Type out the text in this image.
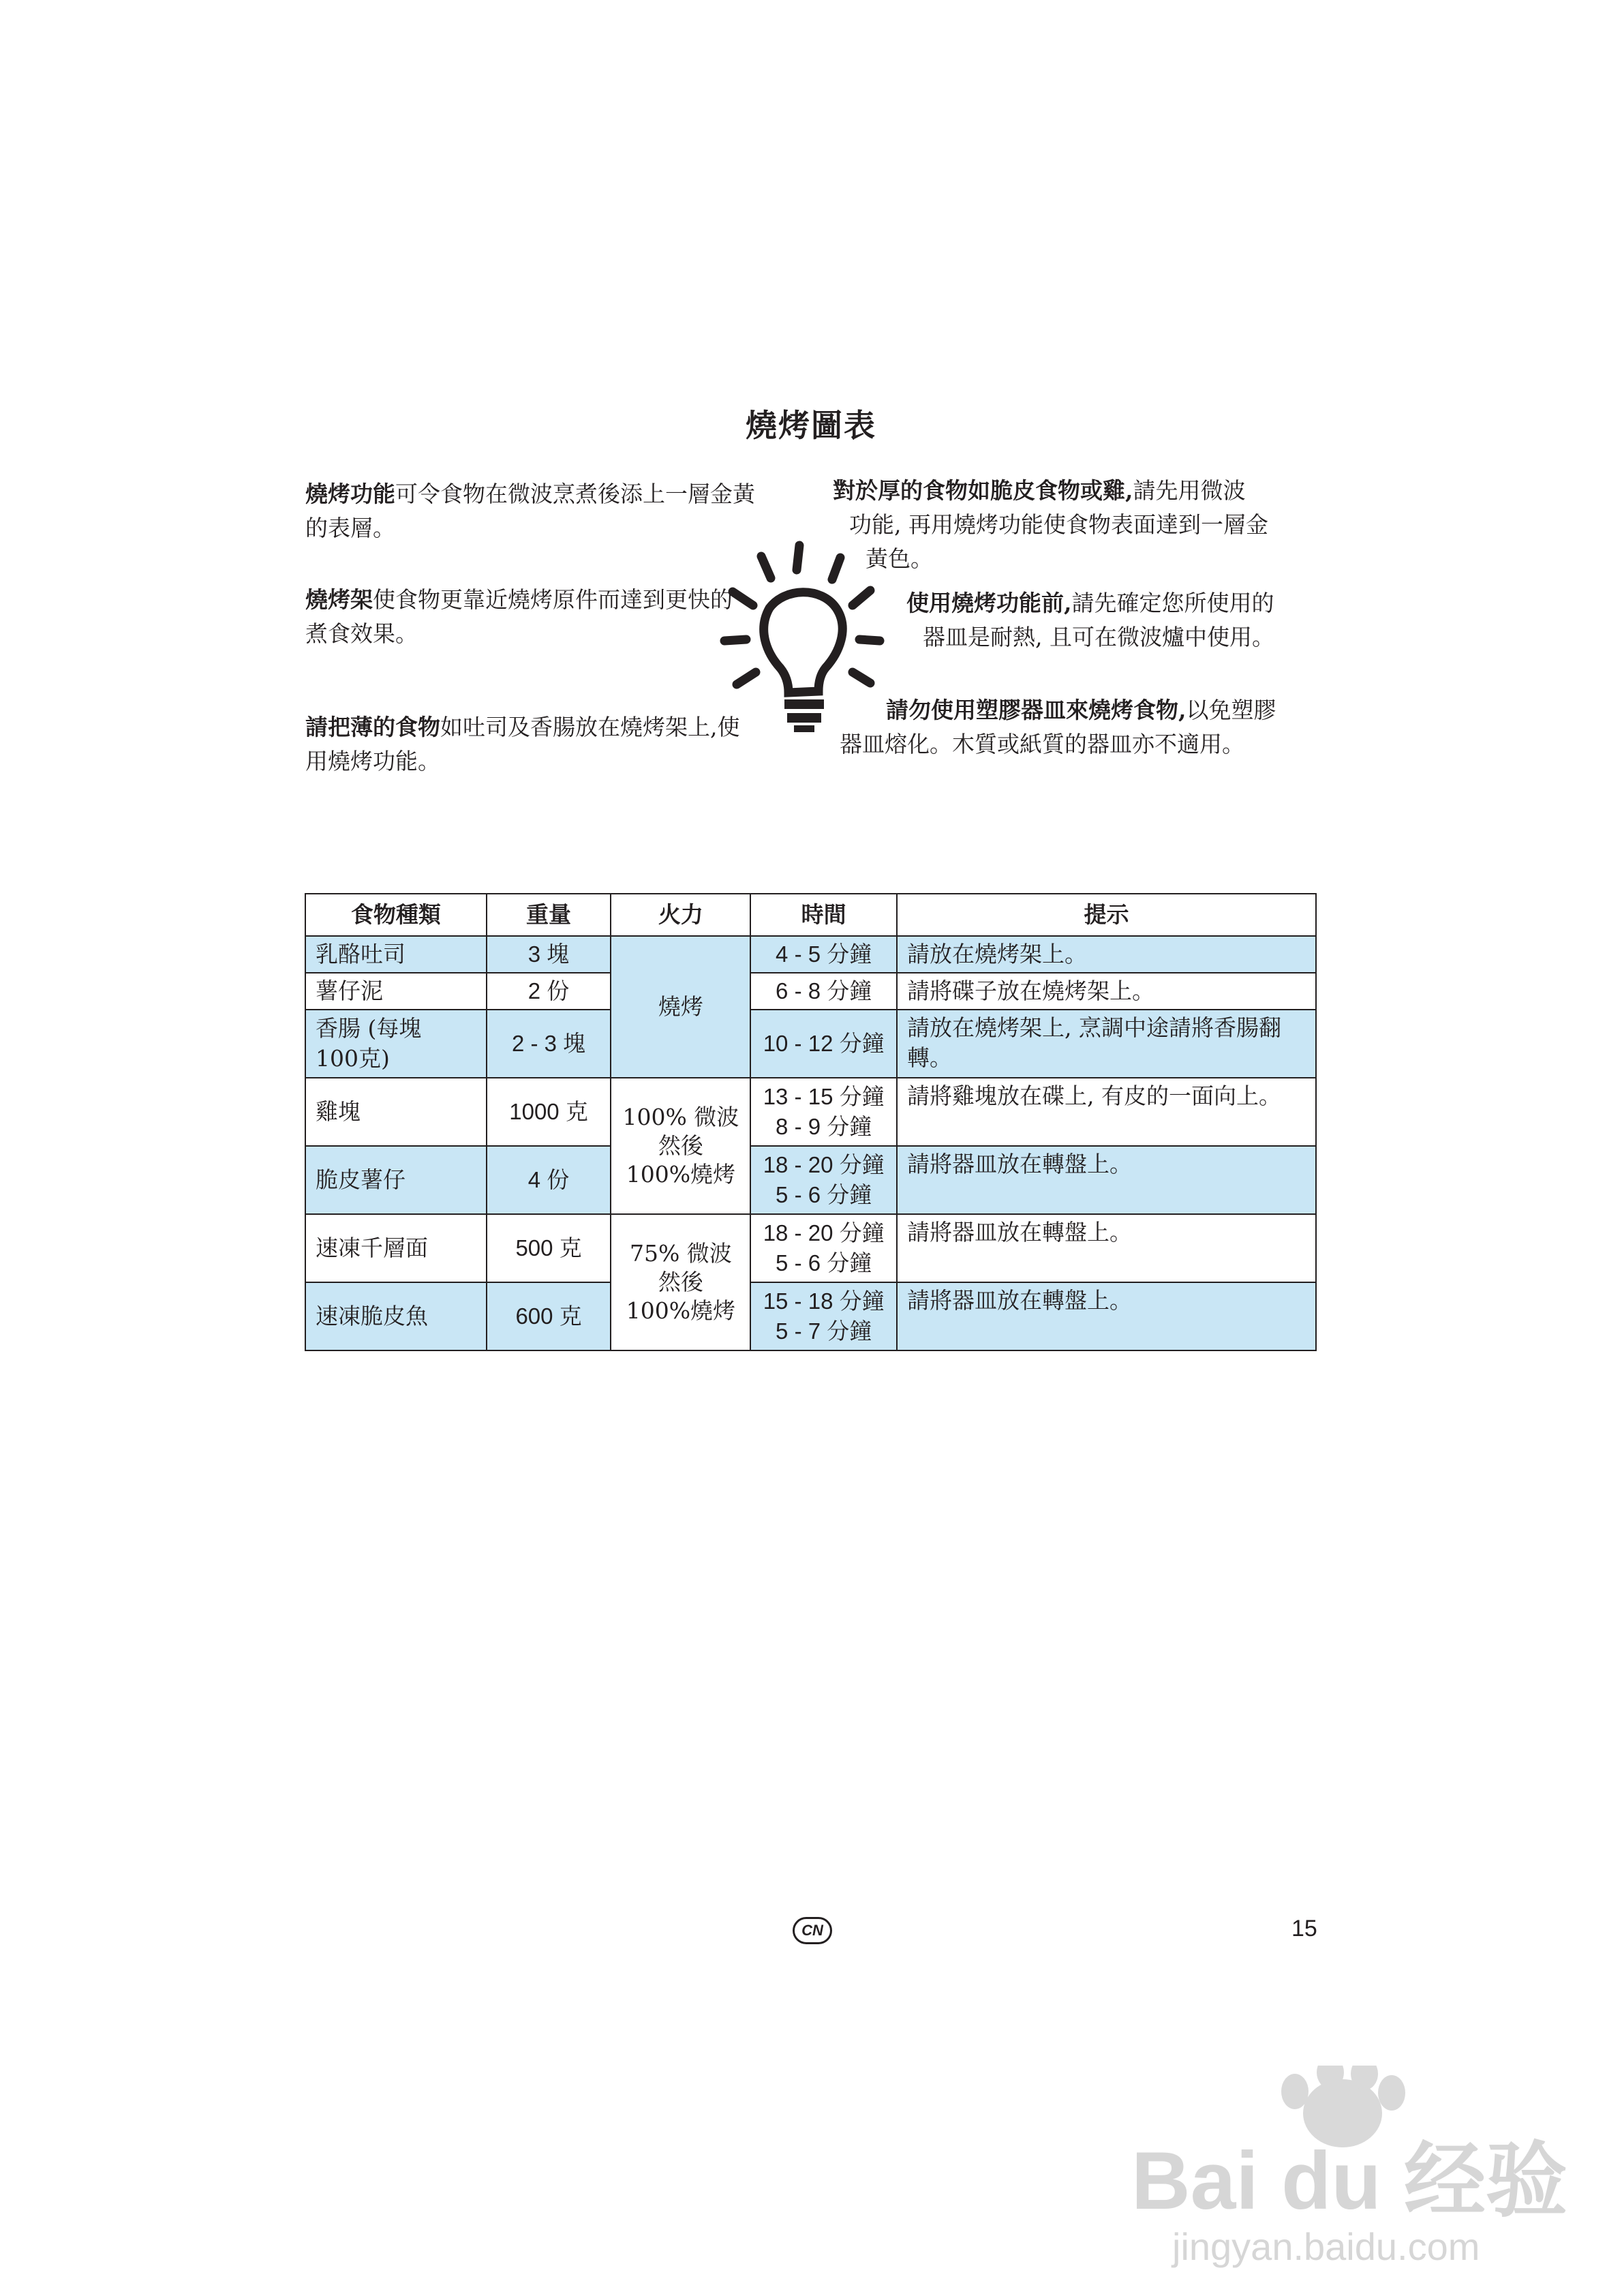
燒烤圖表
燒烤功能可令食物在微波烹煮後添上一層金黃的表層。
燒烤架使食物更靠近燒烤原件而達到更快的煮食效果。
請把薄的食物如吐司及香腸放在燒烤架上,使用燒烤功能。
對於厚的食物如脆皮食物或雞,請先用微波
功能, 再用燒烤功能使食物表面達到一層金
黃色。
使用燒烤功能前,請先確定您所使用的
器皿是耐熱, 且可在微波爐中使用。
請勿使用塑膠器皿來燒烤食物,以免塑膠
器皿熔化。木質或紙質的器皿亦不適用。
食物種類	重量	火力	時間	提示
乳酪吐司	3 塊	燒烤	4 - 5 分鐘	請放在燒烤架上。
薯仔泥	2 份		6 - 8 分鐘	請將碟子放在燒烤架上。
香腸 (每塊
100克)	2 - 3 塊		10 - 12 分鐘	請放在燒烤架上, 烹調中途請將香腸翻轉。
雞塊	1000 克	100% 微波
然後
100%燒烤	13 - 15 分鐘
8 - 9 分鐘	請將雞塊放在碟上, 有皮的一面向上。
脆皮薯仔	4 份		18 - 20 分鐘
5 - 6 分鐘	請將器皿放在轉盤上。
速凍千層面	500 克	75% 微波
然後
100%燒烤	18 - 20 分鐘
5 - 6 分鐘	請將器皿放在轉盤上。
速凍脆皮魚	600 克		15 - 18 分鐘
5 - 7 分鐘	請將器皿放在轉盤上。
CN	15
Bai du 经验
jingyan.baidu.com
